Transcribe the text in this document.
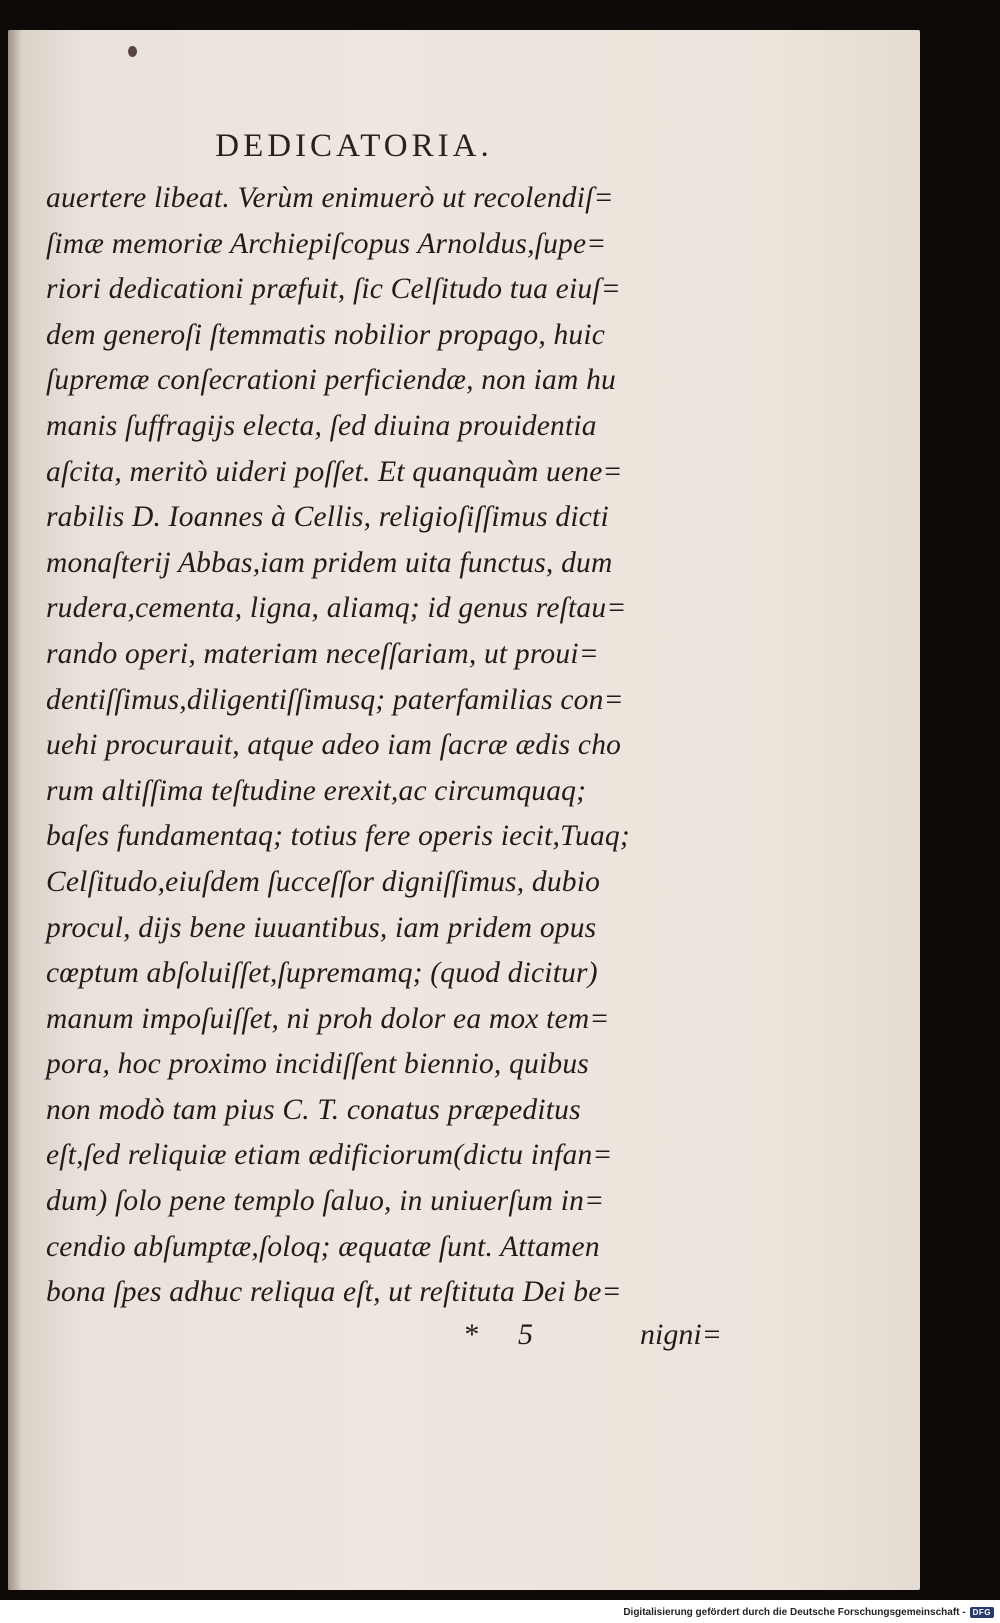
DEDICATORIA.
auertere libeat. Verùm enimuerò ut recolendiſ=
ſimæ memoriæ Archiepiſcopus Arnoldus,ſupe=
riori dedicationi præfuit, ſic Celſitudo tua eiuſ=
dem generoſi ſtemmatis nobilior propago, huic
ſupremæ conſecrationi perficiendæ, non iam hu
manis ſuffragijs electa, ſed diuina prouidentia
aſcita, meritò uideri poſſet. Et quanquàm uene=
rabilis D. Ioannes à Cellis, religioſiſſimus dicti
monaſterij Abbas,iam pridem uita functus, dum
rudera,cementa, ligna, aliamq; id genus reſtau=
rando operi, materiam neceſſariam, ut proui=
dentiſſimus,diligentiſſimusq; paterfamilias con=
uehi procurauit, atque adeo iam ſacræ ædis cho
rum altiſſima teſtudine erexit,ac circumquaq;
baſes fundamentaq; totius fere operis iecit,Tuaq;
Celſitudo,eiuſdem ſucceſſor digniſſimus, dubio
procul, dijs bene iuuantibus, iam pridem opus
cœptum abſoluiſſet,ſupremamq; (quod dicitur)
manum impoſuiſſet, ni proh dolor ea mox tem=
pora, hoc proximo incidiſſent biennio, quibus
non modò tam pius C. T. conatus præpeditus
eſt,ſed reliquiæ etiam ædificiorum(dictu infan=
dum) ſolo pene templo ſaluo, in uniuerſum in=
cendio abſumptæ,ſoloq; æquatæ ſunt. Attamen
bona ſpes adhuc reliqua eſt, ut reſtituta Dei be=
* 5	nigni=
Digitalisierung gefördert durch die Deutsche Forschungsgemeinschaft - DFG
